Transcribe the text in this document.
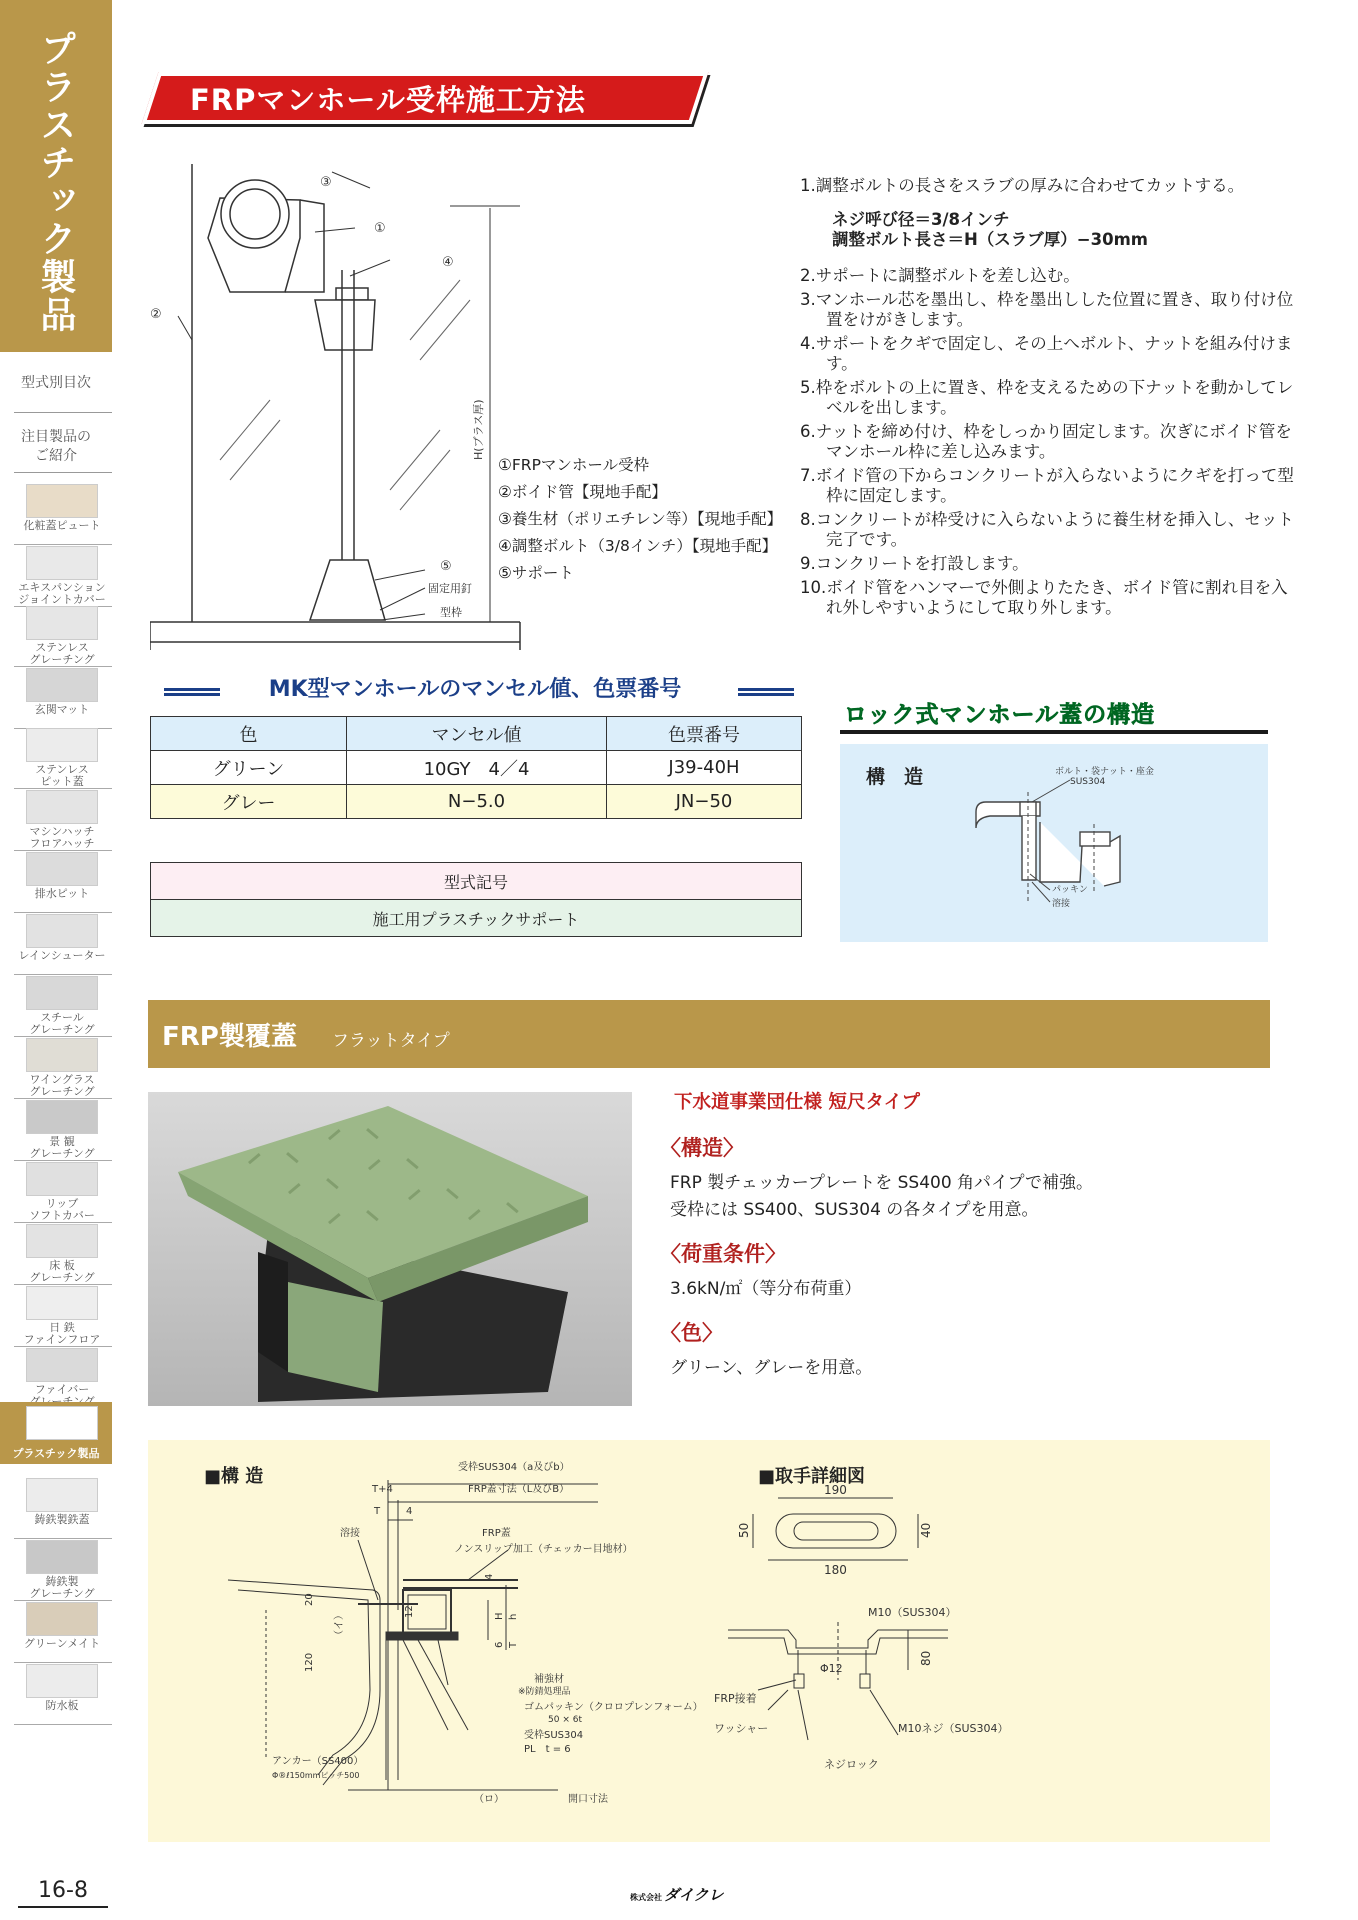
プラスチック製品
型式別目次
注目製品の
ご紹介
化粧蓋ピュート
エキスパンション
ジョイントカバー
ステンレス
グレーチング
玄関マット
ステンレス
ピット蓋
マシンハッチ
フロアハッチ
排水ピット
レインシューター
スチール
グレーチング
ワイングラス
グレーチング
景 観
グレーチング
リッブ
ソフトカバー
床 板
グレーチング
日 鉄
ファインフロア
ファイバー

プラスチック製品
鋳鉄製鉄蓋
鋳鉄製
グレーチング
グリーンメイト
防水板
16-8
FRPマンホール受枠施工方法
③
①
④
②
⑤
固定用釘
型枠
H(ブラス厚)
①FRPマンホール受枠
②ボイド管【現地手配】
③養生材（ポリエチレン等）【現地手配】
④調整ボルト（3/8インチ）【現地手配】
⑤サポート
1.調整ボルトの長さをスラブの厚みに合わせてカットする。
ネジ呼び径＝3/8インチ
調整ボルト長さ＝H（スラブ厚）−30mm
2.サポートに調整ボルトを差し込む。
3.マンホール芯を墨出し、枠を墨出しした位置に置き、取り付け位置をけがきします。
4.サポートをクギで固定し、その上へボルト、ナットを組み付けます。
5.枠をボルトの上に置き、枠を支えるための下ナットを動かしてレベルを出します。
6.ナットを締め付け、枠をしっかり固定します。次ぎにボイド管をマンホール枠に差し込みます。
7.ボイド管の下からコンクリートが入らないようにクギを打って型枠に固定します。
8.コンクリートが枠受けに入らないように養生材を挿入し、セット完了です。
9.コンクリートを打設します。
10.ボイド管をハンマーで外側よりたたき、ボイド管に割れ目を入れ外しやすいようにして取り外します。
MK型マンホールのマンセル値、色票番号
色	マンセル値	色票番号
グリーン	10GY　4／4	J39-40H
グレー	N−5.0	JN−50
型式記号
施工用プラスチックサポート
ロック式マンホール蓋の構造
構　造	ボルト・袋ナット・座金
SUS304
パッキン
溶接
FRP製覆蓋 フラットタイプ
下水道事業団仕様 短尺タイプ
〈構造〉
FRP 製チェッカープレートを SS400 角パイプで補強。
受枠には SS400、SUS304 の各タイプを用意。
〈荷重条件〉
3.6kN/㎡（等分布荷重）
〈色〉
グリーン、グレーを用意。
■構 造	■取手詳細図
受枠SUS304（a及びb）
FRP蓋寸法（L及びB）
T+4
T	4
溶接	FRP蓋
ノンスリップ加工（チェッカー目地材）
20
120
（イ）	12	H h
6 T
4
補強材
※防錆処理品
ゴムパッキン（クロロプレンフォーム）
50 × 6t
受枠SUS304
PL　t = 6
アンカー（SS400）
Φ®ℓ150mmピッチ500
（ロ）	開口寸法
190
50	40
180
M10（SUS304）
Φ12
80
FRP接着
ワッシャー
ネジロック
M10ネジ（SUS304）
株式会社 ダイクレ
